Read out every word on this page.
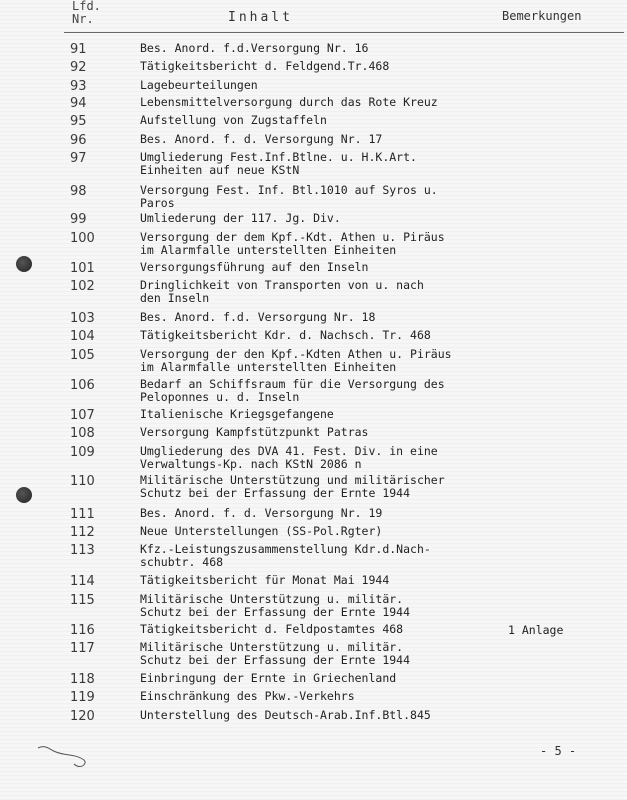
Lfd.
Nr.	Inhalt	Bemerkungen
91	Bes. Anord. f.d.Versorgung Nr. 16
92	Tätigkeitsbericht d. Feldgend.Tr.468
93	Lagebeurteilungen
94	Lebensmittelversorgung durch das Rote Kreuz
95	Aufstellung von Zugstaffeln
96	Bes. Anord. f. d. Versorgung Nr. 17
97	Umgliederung Fest.Inf.Btlne. u. H.K.Art.
Einheiten auf neue KStN
98	Versorgung Fest. Inf. Btl.1010 auf Syros u.
Paros
99	Umliederung der 117. Jg. Div.
100	Versorgung der dem Kpf.-Kdt. Athen u. Piräus
im Alarmfalle unterstellten Einheiten
101	Versorgungsführung auf den Inseln
102	Dringlichkeit von Transporten von u. nach
den Inseln
103	Bes. Anord. f.d. Versorgung Nr. 18
104	Tätigkeitsbericht Kdr. d. Nachsch. Tr. 468
105	Versorgung der den Kpf.-Kdten Athen u. Piräus
im Alarmfalle unterstellten Einheiten
106	Bedarf an Schiffsraum für die Versorgung des
Peloponnes u. d. Inseln
107	Italienische Kriegsgefangene
108	Versorgung Kampfstützpunkt Patras
109	Umgliederung des DVA 41. Fest. Div. in eine
Verwaltungs-Kp. nach KStN 2086 n
110	Militärische Unterstützung und militärischer
Schutz bei der Erfassung der Ernte 1944
111	Bes. Anord. f. d. Versorgung Nr. 19
112	Neue Unterstellungen (SS-Pol.Rgter)
113	Kfz.-Leistungszusammenstellung Kdr.d.Nach-
schubtr. 468
114	Tätigkeitsbericht für Monat Mai 1944
115	Militärische Unterstützung u. militär.
Schutz bei der Erfassung der Ernte 1944
116	Tätigkeitsbericht d. Feldpostamtes 468	1 Anlage
117	Militärische Unterstützung u. militär.
Schutz bei der Erfassung der Ernte 1944
118	Einbringung der Ernte in Griechenland
119	Einschränkung des Pkw.-Verkehrs
120	Unterstellung des Deutsch-Arab.Inf.Btl.845
- 5 -
